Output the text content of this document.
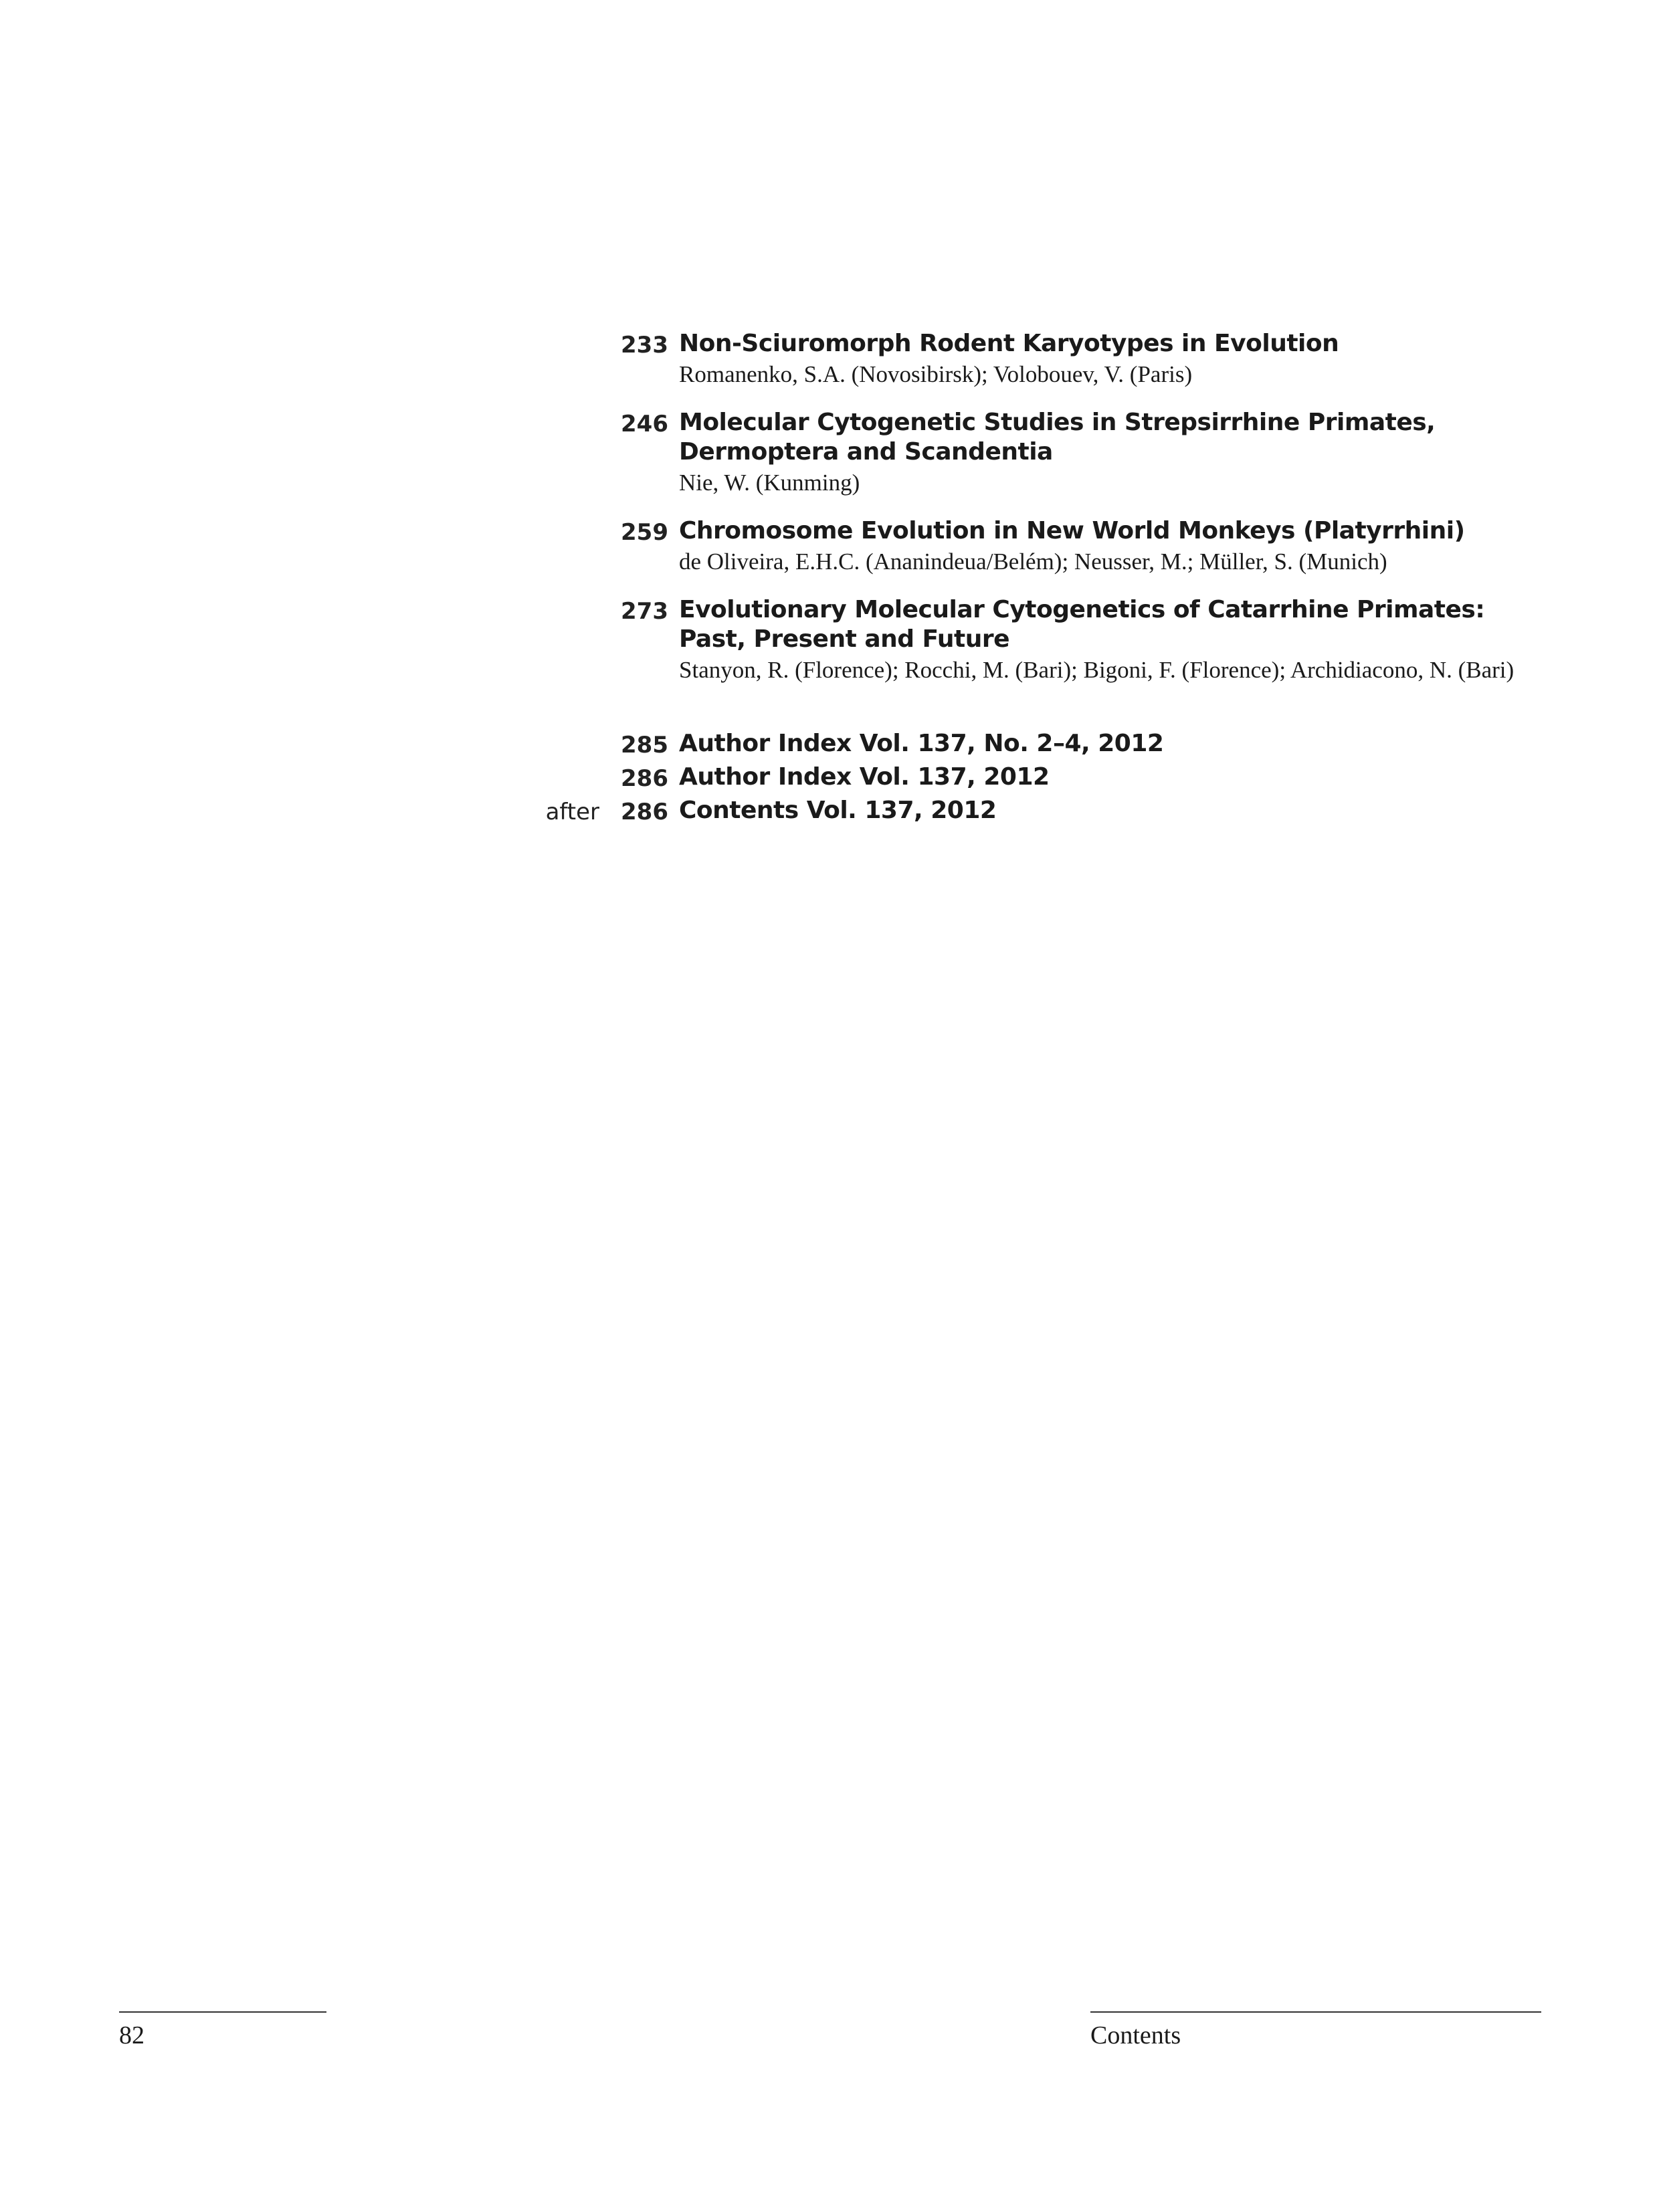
233 Non-Sciuromorph Rodent Karyotypes in Evolution
Romanenko, S.A. (Novosibirsk); Volobouev, V. (Paris)
246 Molecular Cytogenetic Studies in Strepsirrhine Primates, Dermoptera and Scandentia
Nie, W. (Kunming)
259 Chromosome Evolution in New World Monkeys (Platyrrhini)
de Oliveira, E.H.C. (Ananindeua/Belém); Neusser, M.; Müller, S. (Munich)
273 Evolutionary Molecular Cytogenetics of Catarrhine Primates: Past, Present and Future
Stanyon, R. (Florence); Rocchi, M. (Bari); Bigoni, F. (Florence); Archidiacono, N. (Bari)
285 Author Index Vol. 137, No. 2–4, 2012
286 Author Index Vol. 137, 2012
after 286 Contents Vol. 137, 2012
82	Contents
